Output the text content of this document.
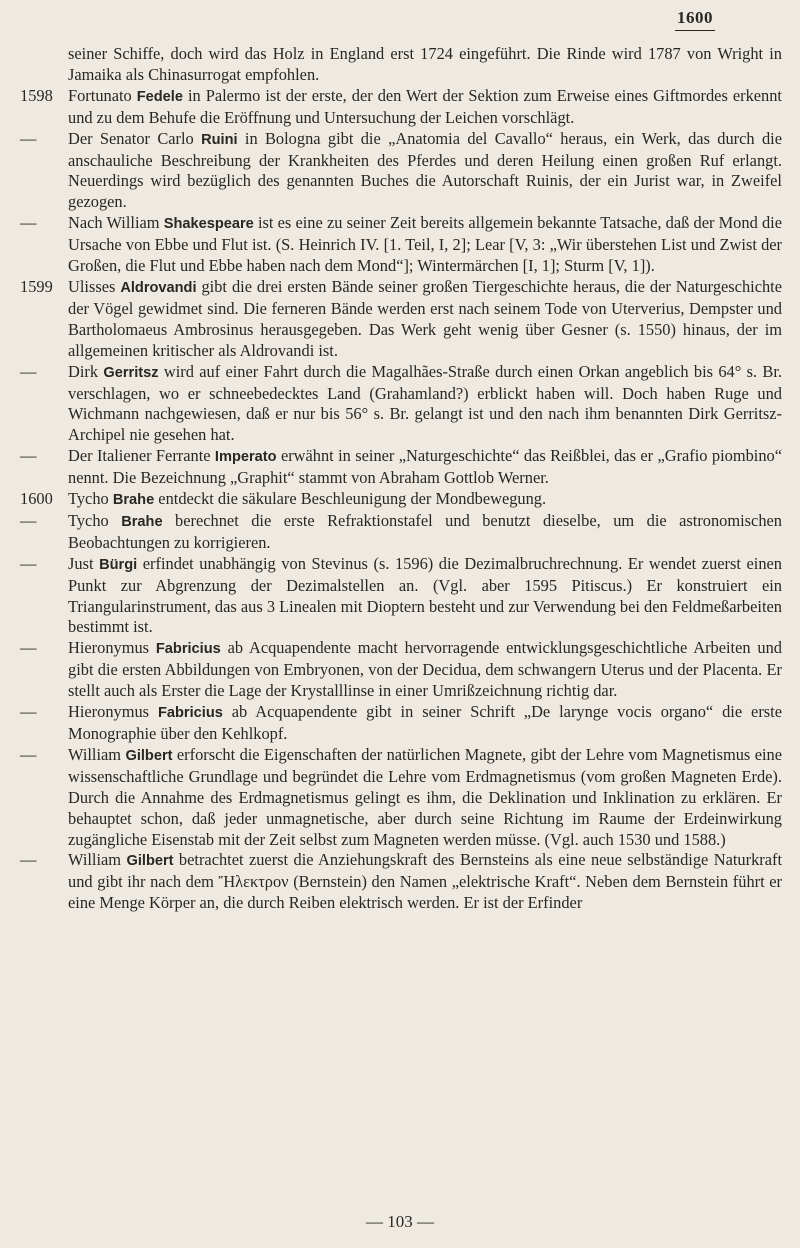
1600

seiner Schiffe, doch wird das Holz in England erst 1724 eingeführt. Die Rinde wird 1787 von Wright in Jamaika als Chinasurrogat empfohlen.

1598 Fortunato Fedele in Palermo ist der erste, der den Wert der Sektion zum Erweise eines Giftmordes erkennt und zu dem Behufe die Eröffnung und Untersuchung der Leichen vorschlägt.

—	Der Senator Carlo Ruini in Bologna gibt die „Anatomia del Cavallo“ heraus, ein Werk, das durch die anschauliche Beschreibung der Krankheiten des Pferdes und deren Heilung einen großen Ruf erlangt. Neuerdings wird bezüglich des genannten Buches die Autorschaft Ruinis, der ein Jurist war, in Zweifel gezogen.

—	Nach William Shakespeare ist es eine zu seiner Zeit bereits allgemein bekannte Tatsache, daß der Mond die Ursache von Ebbe und Flut ist. (S. Heinrich IV. [1. Teil, I, 2]; Lear [V, 3: „Wir überstehen List und Zwist der Großen, die Flut und Ebbe haben nach dem Mond“]; Wintermärchen [I, 1]; Sturm [V, 1]).

1599 Ulisses Aldrovandi gibt die drei ersten Bände seiner großen Tiergeschichte heraus, die der Naturgeschichte der Vögel gewidmet sind. Die ferneren Bände werden erst nach seinem Tode von Uterverius, Dempster und Bartholomaeus Ambrosinus herausgegeben. Das Werk geht wenig über Gesner (s. 1550) hinaus, der im allgemeinen kritischer als Aldrovandi ist.

—	Dirk Gerritsz wird auf einer Fahrt durch die Magalhães-Straße durch einen Orkan angeblich bis 64° s. Br. verschlagen, wo er schneebedecktes Land (Grahamland?) erblickt haben will. Doch haben Ruge und Wichmann nachgewiesen, daß er nur bis 56° s. Br. gelangt ist und den nach ihm benannten Dirk Gerritsz-Archipel nie gesehen hat.

—	Der Italiener Ferrante Imperato erwähnt in seiner „Naturgeschichte“ das Reißblei, das er „Grafio piombino“ nennt. Die Bezeichnung „Graphit“ stammt von Abraham Gottlob Werner.

1600 Tycho Brahe entdeckt die säkulare Beschleunigung der Mondbewegung.

—	Tycho Brahe berechnet die erste Refraktionstafel und benutzt dieselbe, um die astronomischen Beobachtungen zu korrigieren.

—	Just Bürgi erfindet unabhängig von Stevinus (s. 1596) die Dezimalbruchrechnung. Er wendet zuerst einen Punkt zur Abgrenzung der Dezimalstellen an. (Vgl. aber 1595 Pitiscus.) Er konstruiert ein Triangularinstrument, das aus 3 Linealen mit Dioptern besteht und zur Verwendung bei den Feldmeßarbeiten bestimmt ist.

—	Hieronymus Fabricius ab Acquapendente macht hervorragende entwicklungsgeschichtliche Arbeiten und gibt die ersten Abbildungen von Embryonen, von der Decidua, dem schwangern Uterus und der Placenta. Er stellt auch als Erster die Lage der Krystalllinse in einer Umrißzeichnung richtig dar.

—	Hieronymus Fabricius ab Acquapendente gibt in seiner Schrift „De larynge vocis organo“ die erste Monographie über den Kehlkopf.

—	William Gilbert erforscht die Eigenschaften der natürlichen Magnete, gibt der Lehre vom Magnetismus eine wissenschaftliche Grundlage und begründet die Lehre vom Erdmagnetismus (vom großen Magneten Erde). Durch die Annahme des Erdmagnetismus gelingt es ihm, die Deklination und Inklination zu erklären. Er behauptet schon, daß jeder unmagnetische, aber durch seine Richtung im Raume der Erdeinwirkung zugängliche Eisenstab mit der Zeit selbst zum Magneten werden müsse. (Vgl. auch 1530 und 1588.)

—	William Gilbert betrachtet zuerst die Anziehungskraft des Bernsteins als eine neue selbständige Naturkraft und gibt ihr nach dem Ἤλεκτρον (Bernstein) den Namen „elektrische Kraft“. Neben dem Bernstein führt er eine Menge Körper an, die durch Reiben elektrisch werden. Er ist der Erfinder

— 103 —
